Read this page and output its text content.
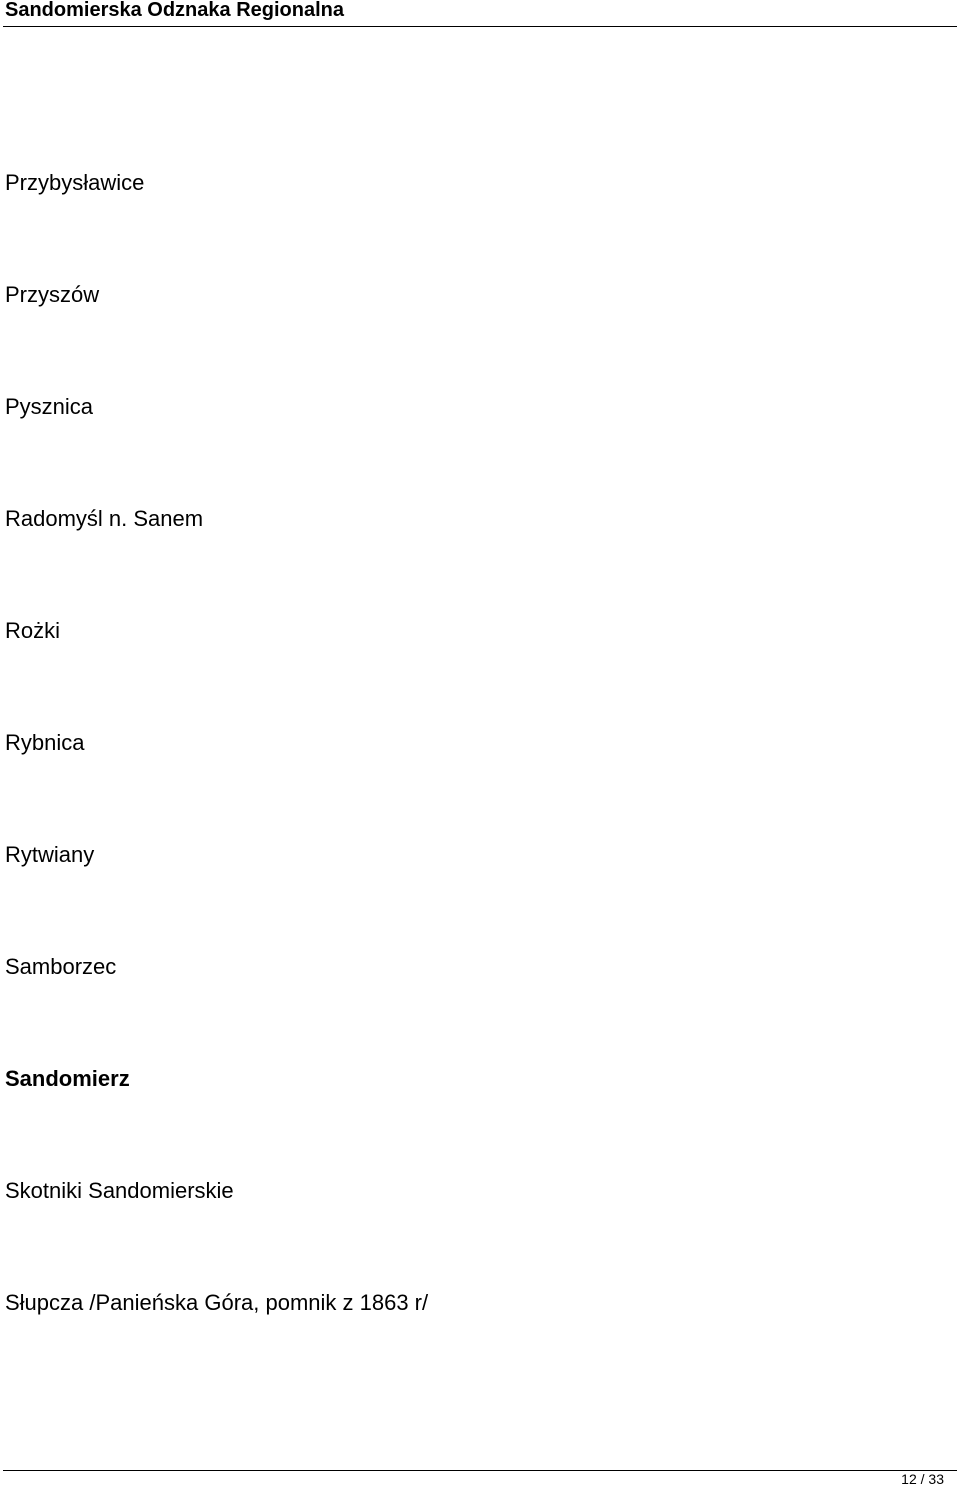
Sandomierska Odznaka Regionalna
Przybysławice
Przyszów
Pysznica
Radomyśl n. Sanem
Rożki
Rybnica
Rytwiany
Samborzec
Sandomierz
Skotniki Sandomierskie
Słupcza /Panieńska Góra, pomnik z 1863 r/
12 / 33
